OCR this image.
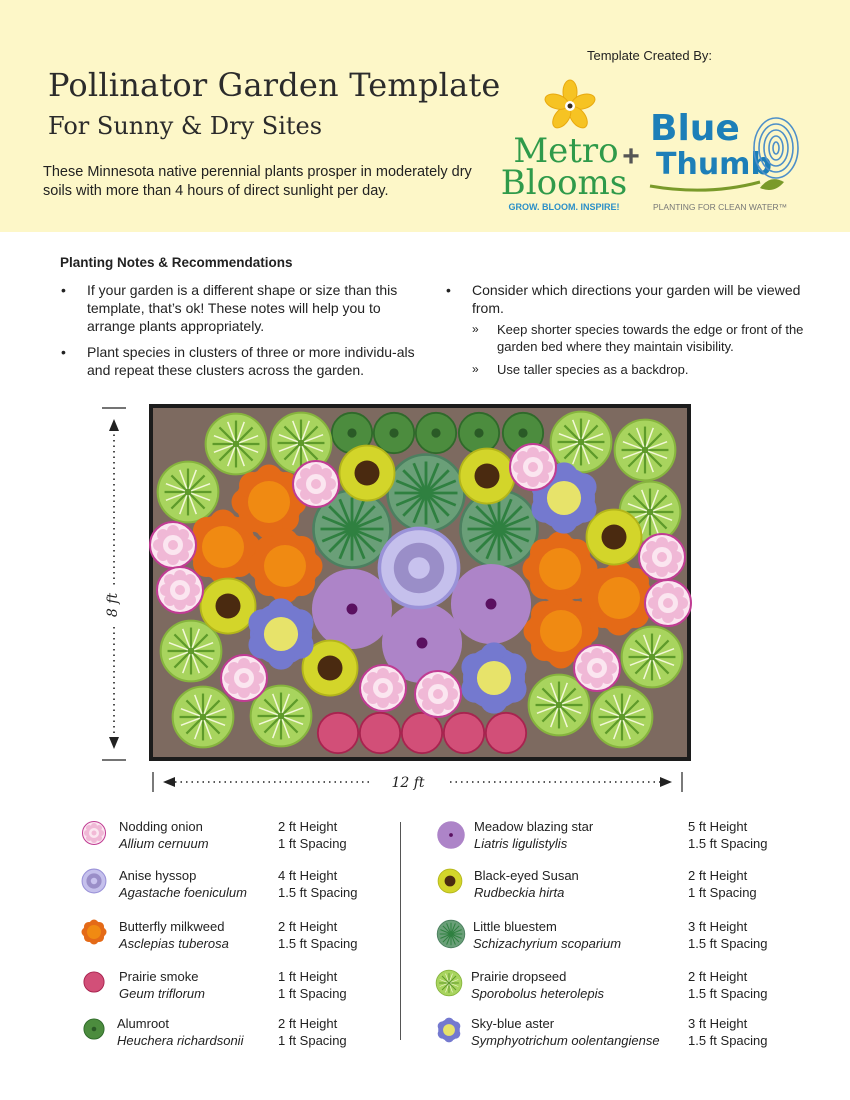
Pollinator Garden Template
For Sunny & Dry Sites
These Minnesota native perennial plants prosper in moderately dry soils with more than 4 hours of direct sunlight per day.
Template Created By:
Metro
Blooms
GROW. BLOOM. INSPIRE!
+
Blue
Thumb
PLANTING FOR CLEAN WATER™
Planting Notes & Recommendations
• If your garden is a different shape or size than this template, that’s ok! These notes will help you to arrange plants appropriately.
• Plant species in clusters of three or more individu-als and repeat these clusters across the garden.
• Consider which directions your garden will be viewed from.
» Keep shorter species towards the edge or front of the garden bed where they maintain visibility.
» Use taller species as a backdrop.
8 ft
12 ft
Nodding onion
Allium cernuum
2 ft Height
1 ft Spacing
Anise hyssop
Agastache foeniculum
4 ft Height
1.5 ft Spacing
Butterfly milkweed
Asclepias tuberosa
2 ft Height
1.5 ft Spacing
Prairie smoke
Geum triflorum
1 ft Height
1 ft Spacing
Alumroot
Heuchera richardsonii
2 ft Height
1 ft Spacing
Meadow blazing star
Liatris ligulistylis
5 ft Height
1.5 ft Spacing
Black-eyed Susan
Rudbeckia hirta
2 ft Height
1 ft Spacing
Little bluestem
Schizachyrium scoparium
3 ft Height
1.5 ft Spacing
Prairie dropseed
Sporobolus heterolepis
2 ft Height
1.5 ft Spacing
Sky-blue aster
Symphyotrichum oolentangiense
3 ft Height
1.5 ft Spacing
